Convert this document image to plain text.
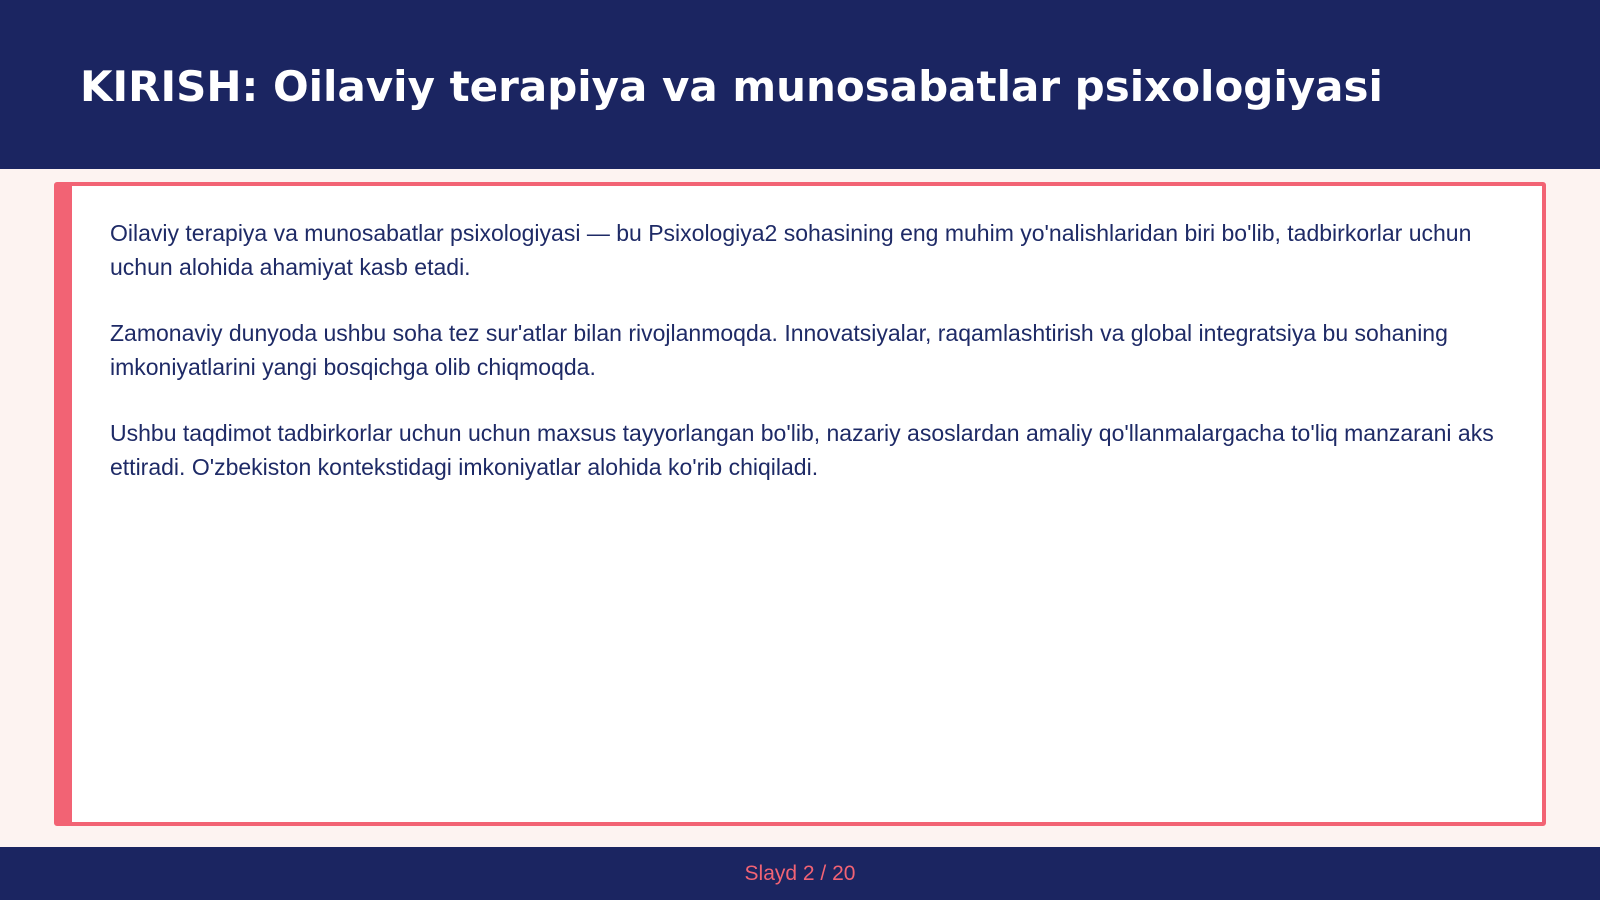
KIRISH: Oilaviy terapiya va munosabatlar psixologiyasi

Oilaviy terapiya va munosabatlar psixologiyasi — bu Psixologiya2 sohasining eng muhim yo'nalishlaridan biri bo'lib, tadbirkorlar uchun uchun alohida ahamiyat kasb etadi.

Zamonaviy dunyoda ushbu soha tez sur'atlar bilan rivojlanmoqda. Innovatsiyalar, raqamlashtirish va global integratsiya bu sohaning imkoniyatlarini yangi bosqichga olib chiqmoqda.

Ushbu taqdimot tadbirkorlar uchun uchun maxsus tayyorlangan bo'lib, nazariy asoslardan amaliy qo'llanmalargacha to'liq manzarani aks ettiradi. O'zbekiston kontekstidagi imkoniyatlar alohida ko'rib chiqiladi.

Slayd 2 / 20
